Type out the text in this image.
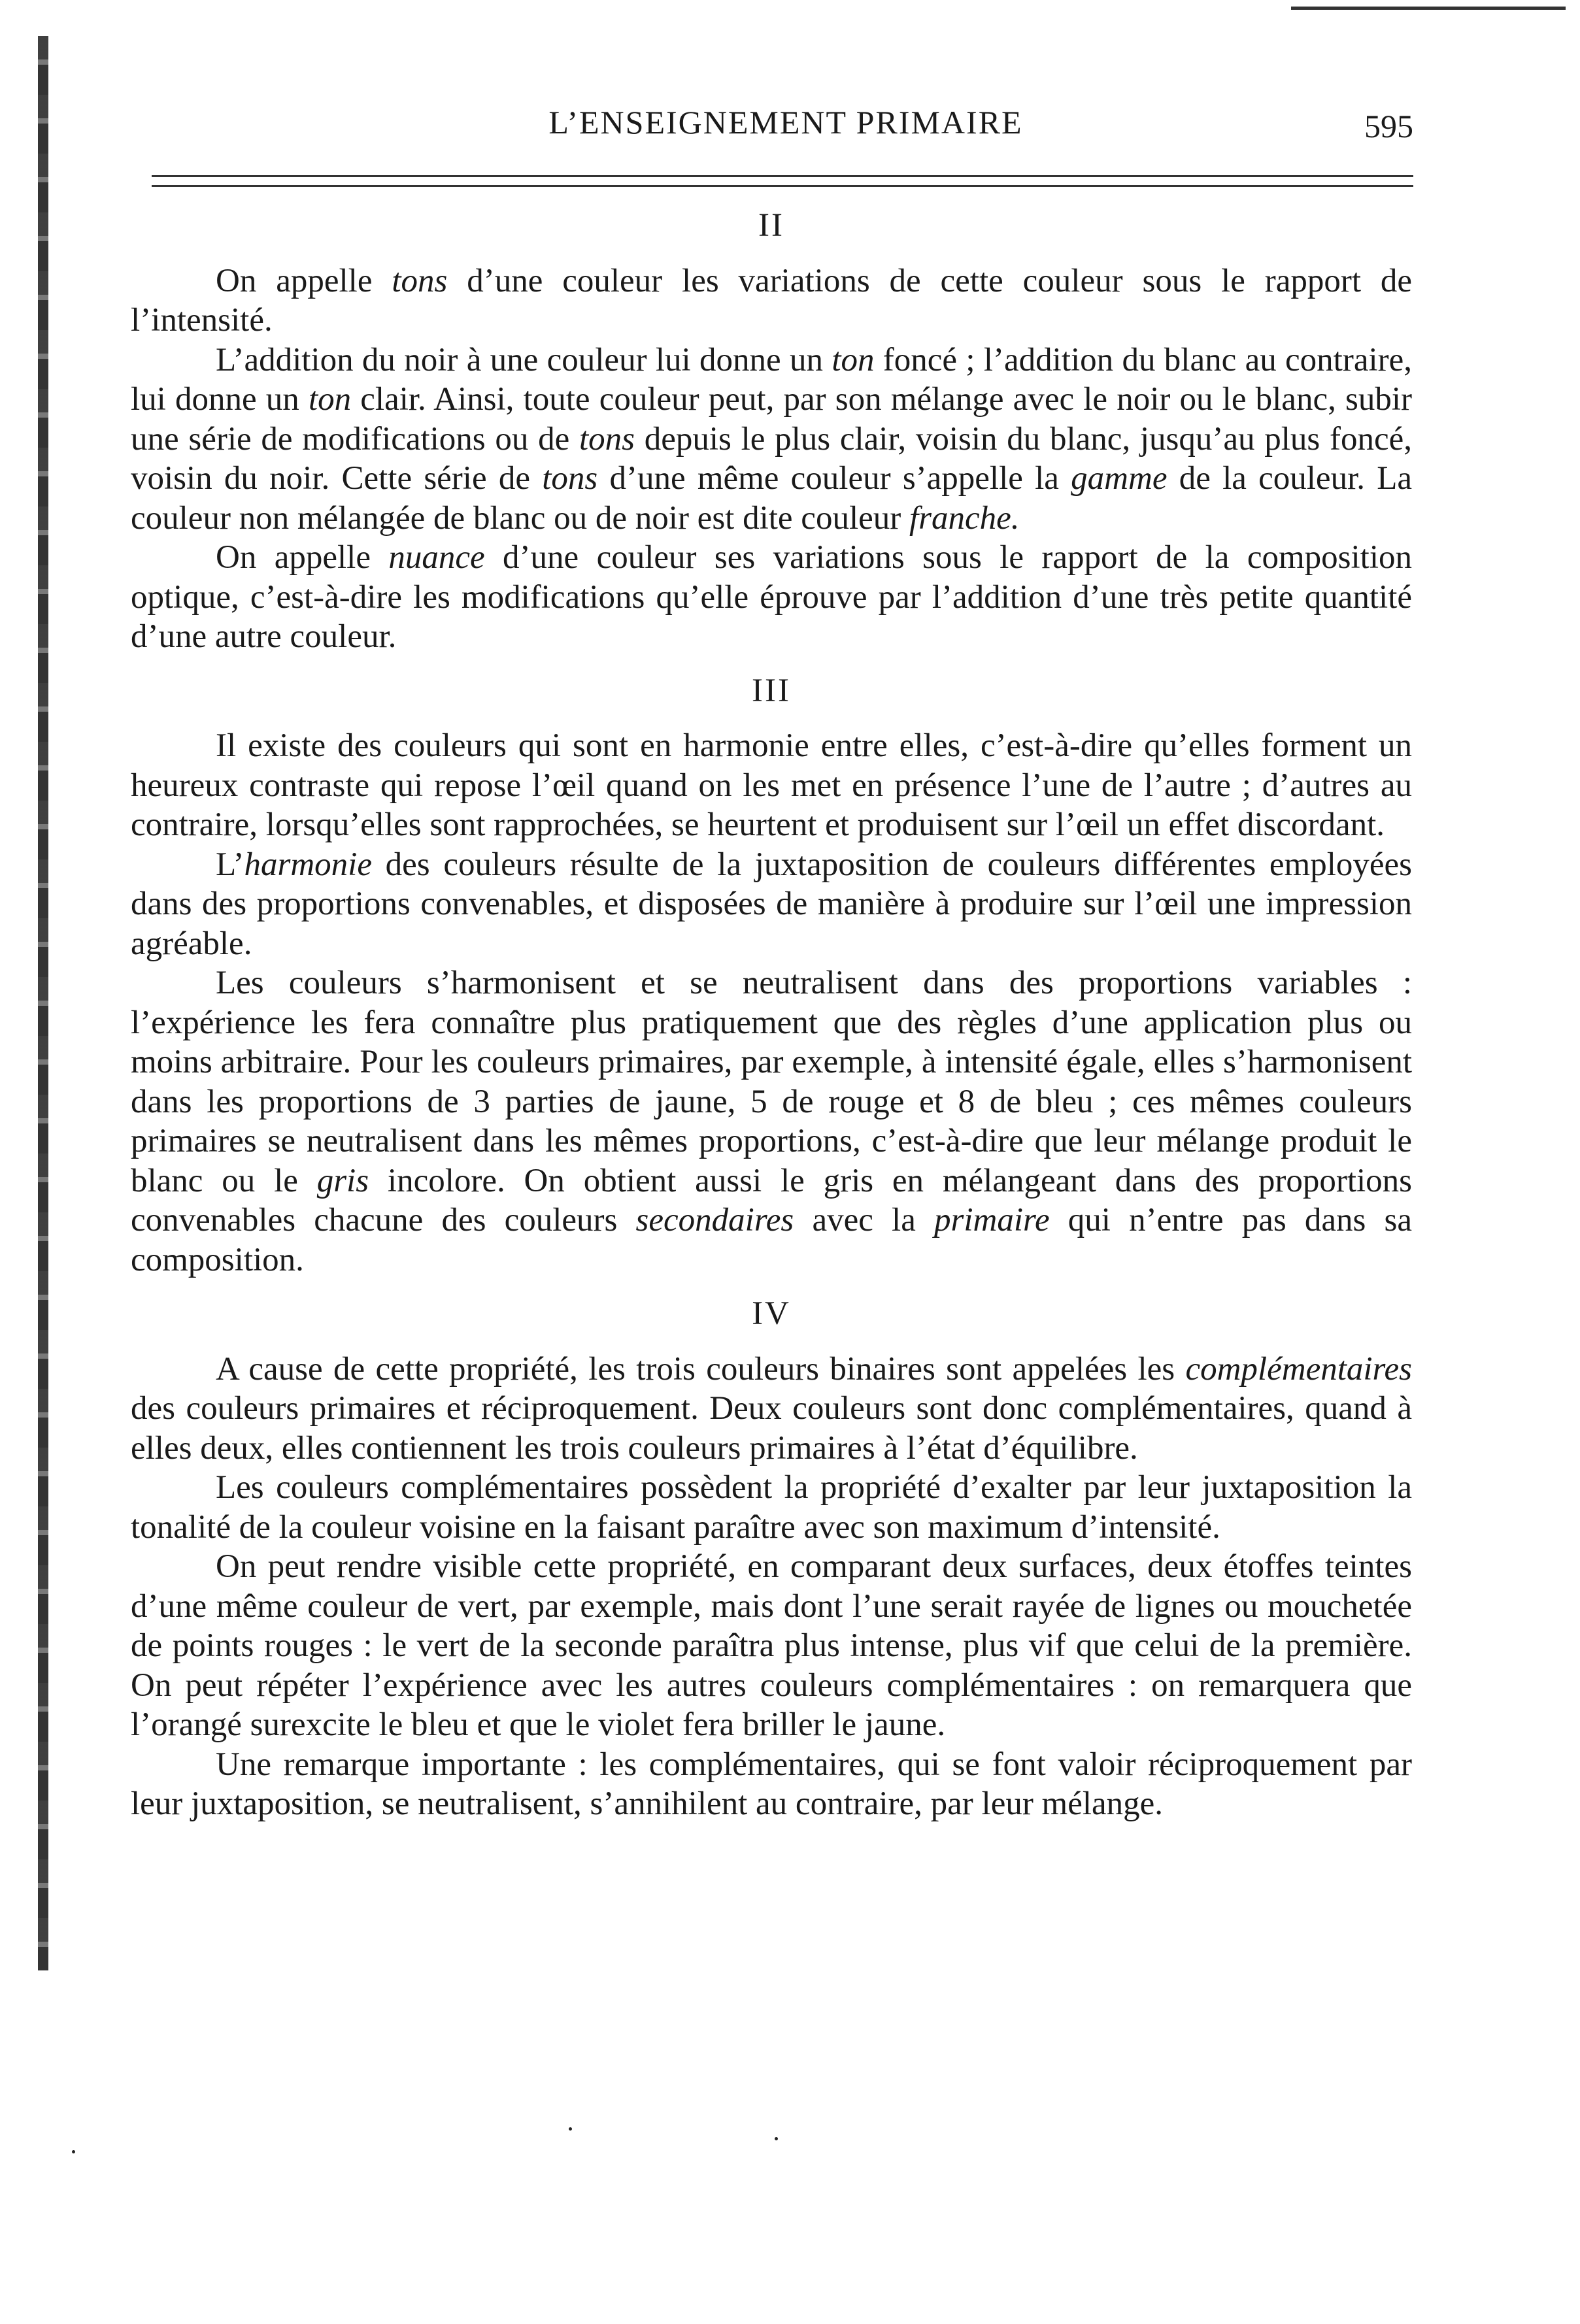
L’ENSEIGNEMENT PRIMAIRE	595
II

On appelle tons d’une couleur les variations de cette couleur sous le rapport de l’intensité.

L’addition du noir à une couleur lui donne un ton foncé ; l’addition du blanc au contraire, lui donne un ton clair. Ainsi, toute couleur peut, par son mélange avec le noir ou le blanc, subir une série de modifications ou de tons depuis le plus clair, voisin du blanc, jusqu’au plus foncé, voisin du noir. Cette série de tons d’une même couleur s’appelle la gamme de la couleur. La couleur non mélangée de blanc ou de noir est dite couleur franche.

On appelle nuance d’une couleur ses variations sous le rapport de la composition optique, c’est-à-dire les modifications qu’elle éprouve par l’addition d’une très petite quantité d’une autre couleur.

III

Il existe des couleurs qui sont en harmonie entre elles, c’est-à-dire qu’elles forment un heureux contraste qui repose l’œil quand on les met en présence l’une de l’autre ; d’autres au contraire, lorsqu’elles sont rapprochées, se heurtent et produisent sur l’œil un effet discordant.

L’harmonie des couleurs résulte de la juxtaposition de couleurs différentes employées dans des proportions convenables, et disposées de manière à produire sur l’œil une impression agréable.

Les couleurs s’harmonisent et se neutralisent dans des proportions variables : l’expérience les fera connaître plus pratiquement que des règles d’une application plus ou moins arbitraire. Pour les couleurs primaires, par exemple, à intensité égale, elles s’harmonisent dans les proportions de 3 parties de jaune, 5 de rouge et 8 de bleu ; ces mêmes couleurs primaires se neutralisent dans les mêmes proportions, c’est-à-dire que leur mélange produit le blanc ou le gris incolore. On obtient aussi le gris en mélangeant dans des proportions convenables chacune des couleurs secondaires avec la primaire qui n’entre pas dans sa composition.

IV

A cause de cette propriété, les trois couleurs binaires sont appelées les complémentaires des couleurs primaires et réciproquement. Deux couleurs sont donc complémentaires, quand à elles deux, elles contiennent les trois couleurs primaires à l’état d’équilibre.

Les couleurs complémentaires possèdent la propriété d’exalter par leur juxtaposition la tonalité de la couleur voisine en la faisant paraître avec son maximum d’intensité.

On peut rendre visible cette propriété, en comparant deux surfaces, deux étoffes teintes d’une même couleur de vert, par exemple, mais dont l’une serait rayée de lignes ou mouchetée de points rouges : le vert de la seconde paraîtra plus intense, plus vif que celui de la première. On peut répéter l’expérience avec les autres couleurs complémentaires : on remarquera que l’orangé surexcite le bleu et que le violet fera briller le jaune.

Une remarque importante : les complémentaires, qui se font valoir réciproquement par leur juxtaposition, se neutralisent, s’annihilent au contraire, par leur mélange.
